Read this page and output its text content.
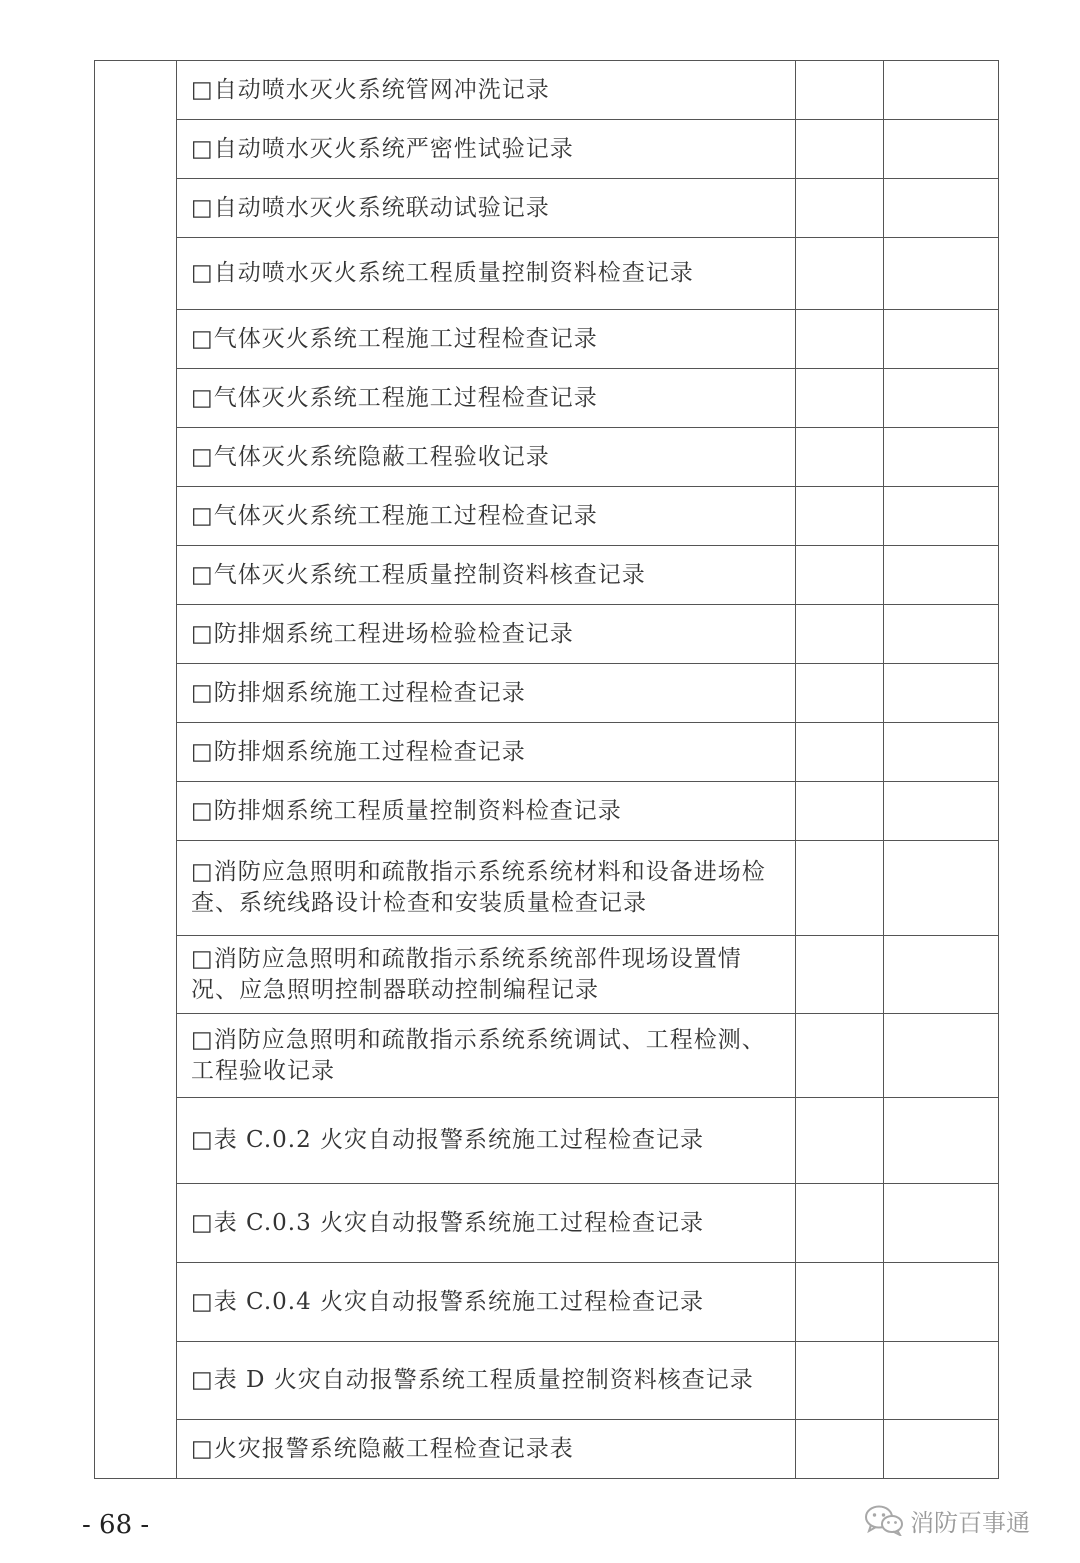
	□自动喷水灭火系统管网冲洗记录		
	□自动喷水灭火系统严密性试验记录		
	□自动喷水灭火系统联动试验记录		
	□自动喷水灭火系统工程质量控制资料检查记录		
	□气体灭火系统工程施工过程检查记录		
	□气体灭火系统工程施工过程检查记录		
	□气体灭火系统隐蔽工程验收记录		
	□气体灭火系统工程施工过程检查记录		
	□气体灭火系统工程质量控制资料核查记录		
	□防排烟系统工程进场检验检查记录		
	□防排烟系统施工过程检查记录		
	□防排烟系统施工过程检查记录		
	□防排烟系统工程质量控制资料检查记录		
	□消防应急照明和疏散指示系统系统材料和设备进场检查、系统线路设计检查和安装质量检查记录		
	□消防应急照明和疏散指示系统系统部件现场设置情况、应急照明控制器联动控制编程记录		
	□消防应急照明和疏散指示系统系统调试、工程检测、工程验收记录		
	□表 C.0.2 火灾自动报警系统施工过程检查记录		
	□表 C.0.3 火灾自动报警系统施工过程检查记录		
	□表 C.0.4 火灾自动报警系统施工过程检查记录		
	□表 D 火灾自动报警系统工程质量控制资料核查记录		
	□火灾报警系统隐蔽工程检查记录表		
- 68 -	消防百事通
